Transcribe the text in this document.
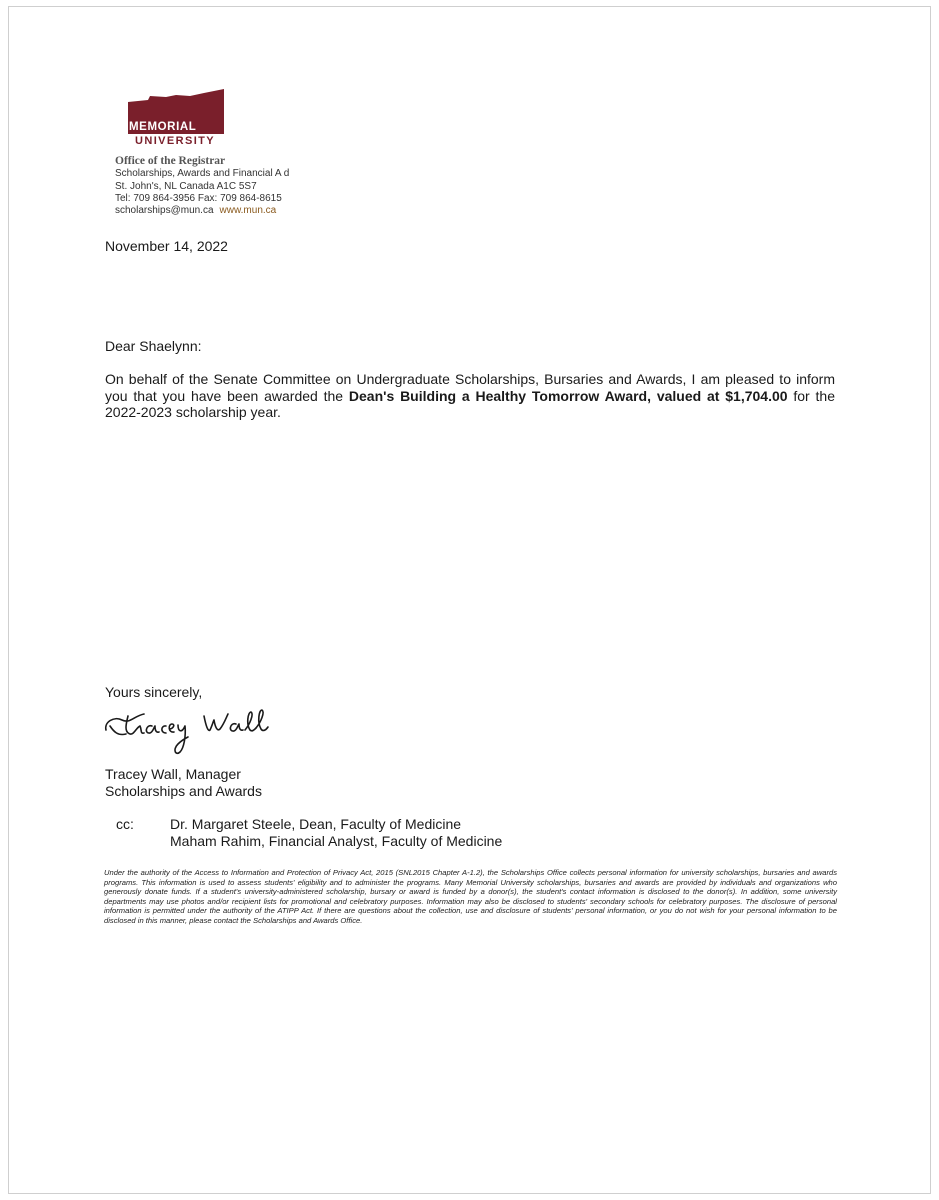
MEMORIAL
UNIVERSITY
Office of the Registrar
Scholarships, Awards and Financial A d
St. John's, NL Canada A1C 5S7
Tel: 709 864-3956 Fax: 709 864-8615
scholarships@mun.ca www.mun.ca
November 14, 2022
Dear Shaelynn:
On behalf of the Senate Committee on Undergraduate Scholarships, Bursaries and Awards, I am pleased to inform you that you have been awarded the Dean's Building a Healthy Tomorrow Award, valued at $1,704.00 for the 2022-2023 scholarship year.
Yours sincerely,
Tracey Wall, Manager
Scholarships and Awards
cc:	Dr. Margaret Steele, Dean, Faculty of Medicine
Maham Rahim, Financial Analyst, Faculty of Medicine
Under the authority of the Access to Information and Protection of Privacy Act, 2015 (SNL2015 Chapter A-1.2), the Scholarships Office collects personal information for university scholarships, bursaries and awards programs. This information is used to assess students' eligibility and to administer the programs. Many Memorial University scholarships, bursaries and awards are provided by individuals and organizations who generously donate funds. If a student's university-administered scholarship, bursary or award is funded by a donor(s), the student's contact information is disclosed to the donor(s). In addition, some university departments may use photos and/or recipient lists for promotional and celebratory purposes. Information may also be disclosed to students' secondary schools for celebratory purposes. The disclosure of personal information is permitted under the authority of the ATIPP Act. If there are questions about the collection, use and disclosure of students' personal information, or you do not wish for your personal information to be disclosed in this manner, please contact the Scholarships and Awards Office.
